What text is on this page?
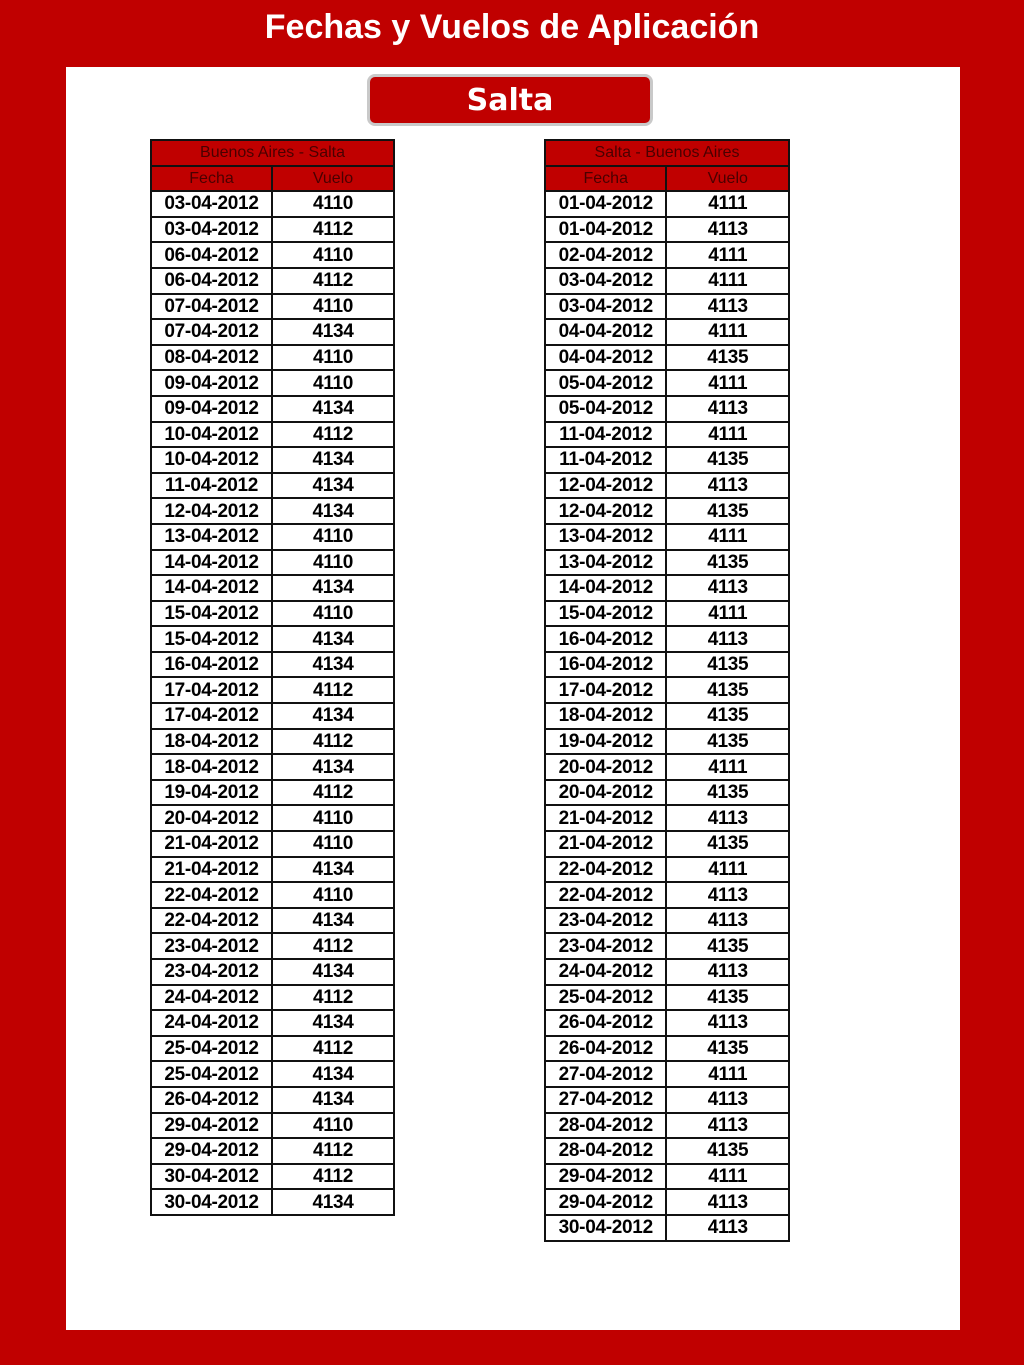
Fechas y Vuelos de Aplicación
Salta
Buenos Aires - Salta	
Fecha	Vuelo
03-04-2012	4110
03-04-2012	4112
06-04-2012	4110
06-04-2012	4112
07-04-2012	4110
07-04-2012	4134
08-04-2012	4110
09-04-2012	4110
09-04-2012	4134
10-04-2012	4112
10-04-2012	4134
11-04-2012	4134
12-04-2012	4134
13-04-2012	4110
14-04-2012	4110
14-04-2012	4134
15-04-2012	4110
15-04-2012	4134
16-04-2012	4134
17-04-2012	4112
17-04-2012	4134
18-04-2012	4112
18-04-2012	4134
19-04-2012	4112
20-04-2012	4110
21-04-2012	4110
21-04-2012	4134
22-04-2012	4110
22-04-2012	4134
23-04-2012	4112
23-04-2012	4134
24-04-2012	4112
24-04-2012	4134
25-04-2012	4112
25-04-2012	4134
26-04-2012	4134
29-04-2012	4110
29-04-2012	4112
30-04-2012	4112
30-04-2012	4134
Salta - Buenos Aires	
Fecha	Vuelo
01-04-2012	4111
01-04-2012	4113
02-04-2012	4111
03-04-2012	4111
03-04-2012	4113
04-04-2012	4111
04-04-2012	4135
05-04-2012	4111
05-04-2012	4113
11-04-2012	4111
11-04-2012	4135
12-04-2012	4113
12-04-2012	4135
13-04-2012	4111
13-04-2012	4135
14-04-2012	4113
15-04-2012	4111
16-04-2012	4113
16-04-2012	4135
17-04-2012	4135
18-04-2012	4135
19-04-2012	4135
20-04-2012	4111
20-04-2012	4135
21-04-2012	4113
21-04-2012	4135
22-04-2012	4111
22-04-2012	4113
23-04-2012	4113
23-04-2012	4135
24-04-2012	4113
25-04-2012	4135
26-04-2012	4113
26-04-2012	4135
27-04-2012	4111
27-04-2012	4113
28-04-2012	4113
28-04-2012	4135
29-04-2012	4111
29-04-2012	4113
30-04-2012	4113
